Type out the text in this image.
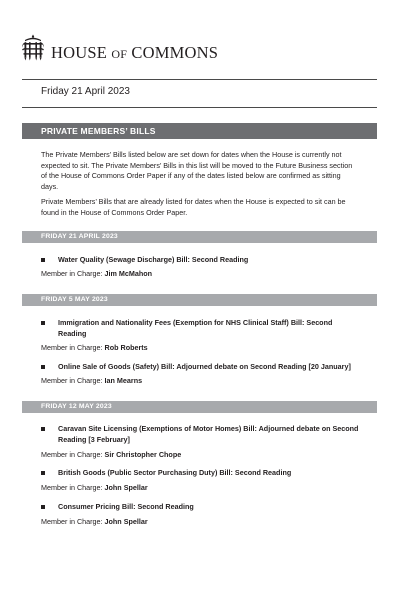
HOUSE OF COMMONS
Friday 21 April 2023
PRIVATE MEMBERS’ BILLS

The Private Members’ Bills listed below are set down for dates when the House is currently not expected to sit. The Private Members’ Bills in this list will be moved to the Future Business section of the House of Commons Order Paper if any of the dates listed below are confirmed as sitting days.

Private Members’ Bills that are already listed for dates when the House is expected to sit can be found in the House of Commons Order Paper.

FRIDAY 21 APRIL 2023
Water Quality (Sewage Discharge) Bill: Second Reading
Member in Charge: Jim McMahon
FRIDAY 5 MAY 2023
Immigration and Nationality Fees (Exemption for NHS Clinical Staff) Bill: Second Reading
Member in Charge: Rob Roberts
Online Sale of Goods (Safety) Bill: Adjourned debate on Second Reading [20 January]
Member in Charge: Ian Mearns
FRIDAY 12 MAY 2023
Caravan Site Licensing (Exemptions of Motor Homes) Bill: Adjourned debate on Second Reading [3 February]
Member in Charge: Sir Christopher Chope
British Goods (Public Sector Purchasing Duty) Bill: Second Reading
Member in Charge: John Spellar
Consumer Pricing Bill: Second Reading
Member in Charge: John Spellar
